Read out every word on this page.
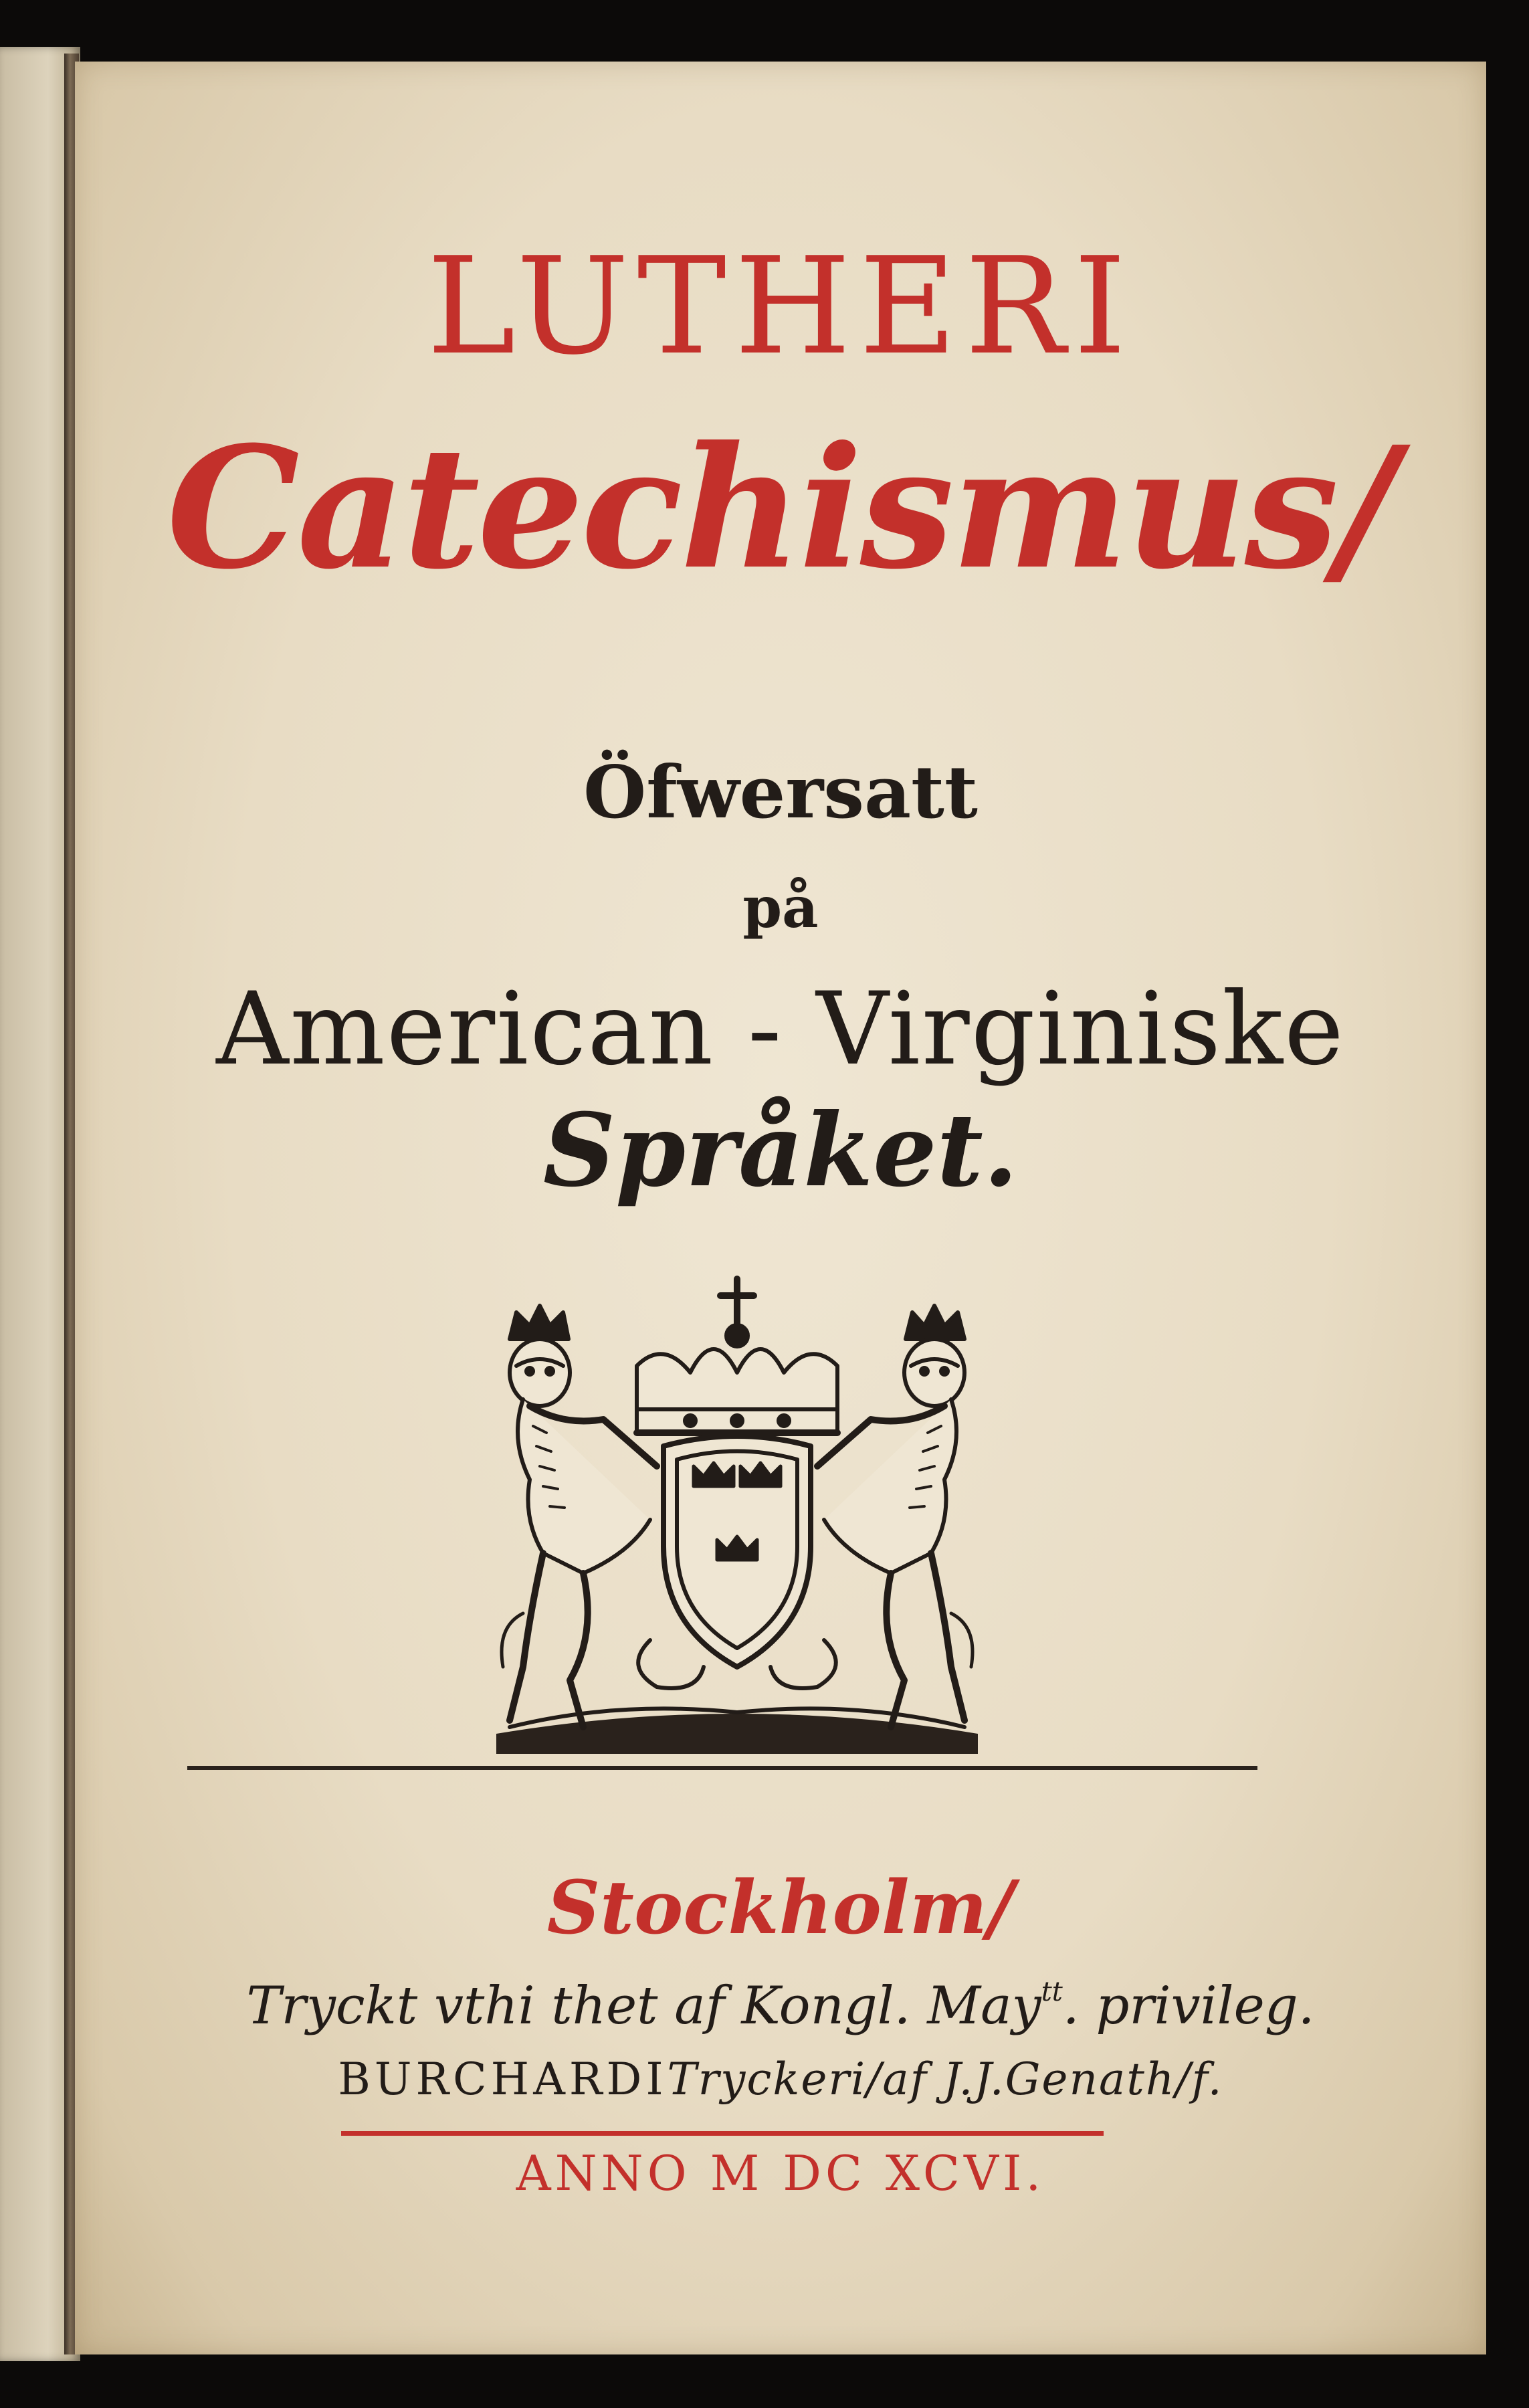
LUTHERI

Catechismus/

Öfwersatt

på

American - Virginiske

Språket.

Stockholm/

Tryckt vthi thet af Kongl. May$^{tt}$. privileg.

BURCHARDITryckeri/af J.J.Genath/f.

ANNO M DC XCVI.
